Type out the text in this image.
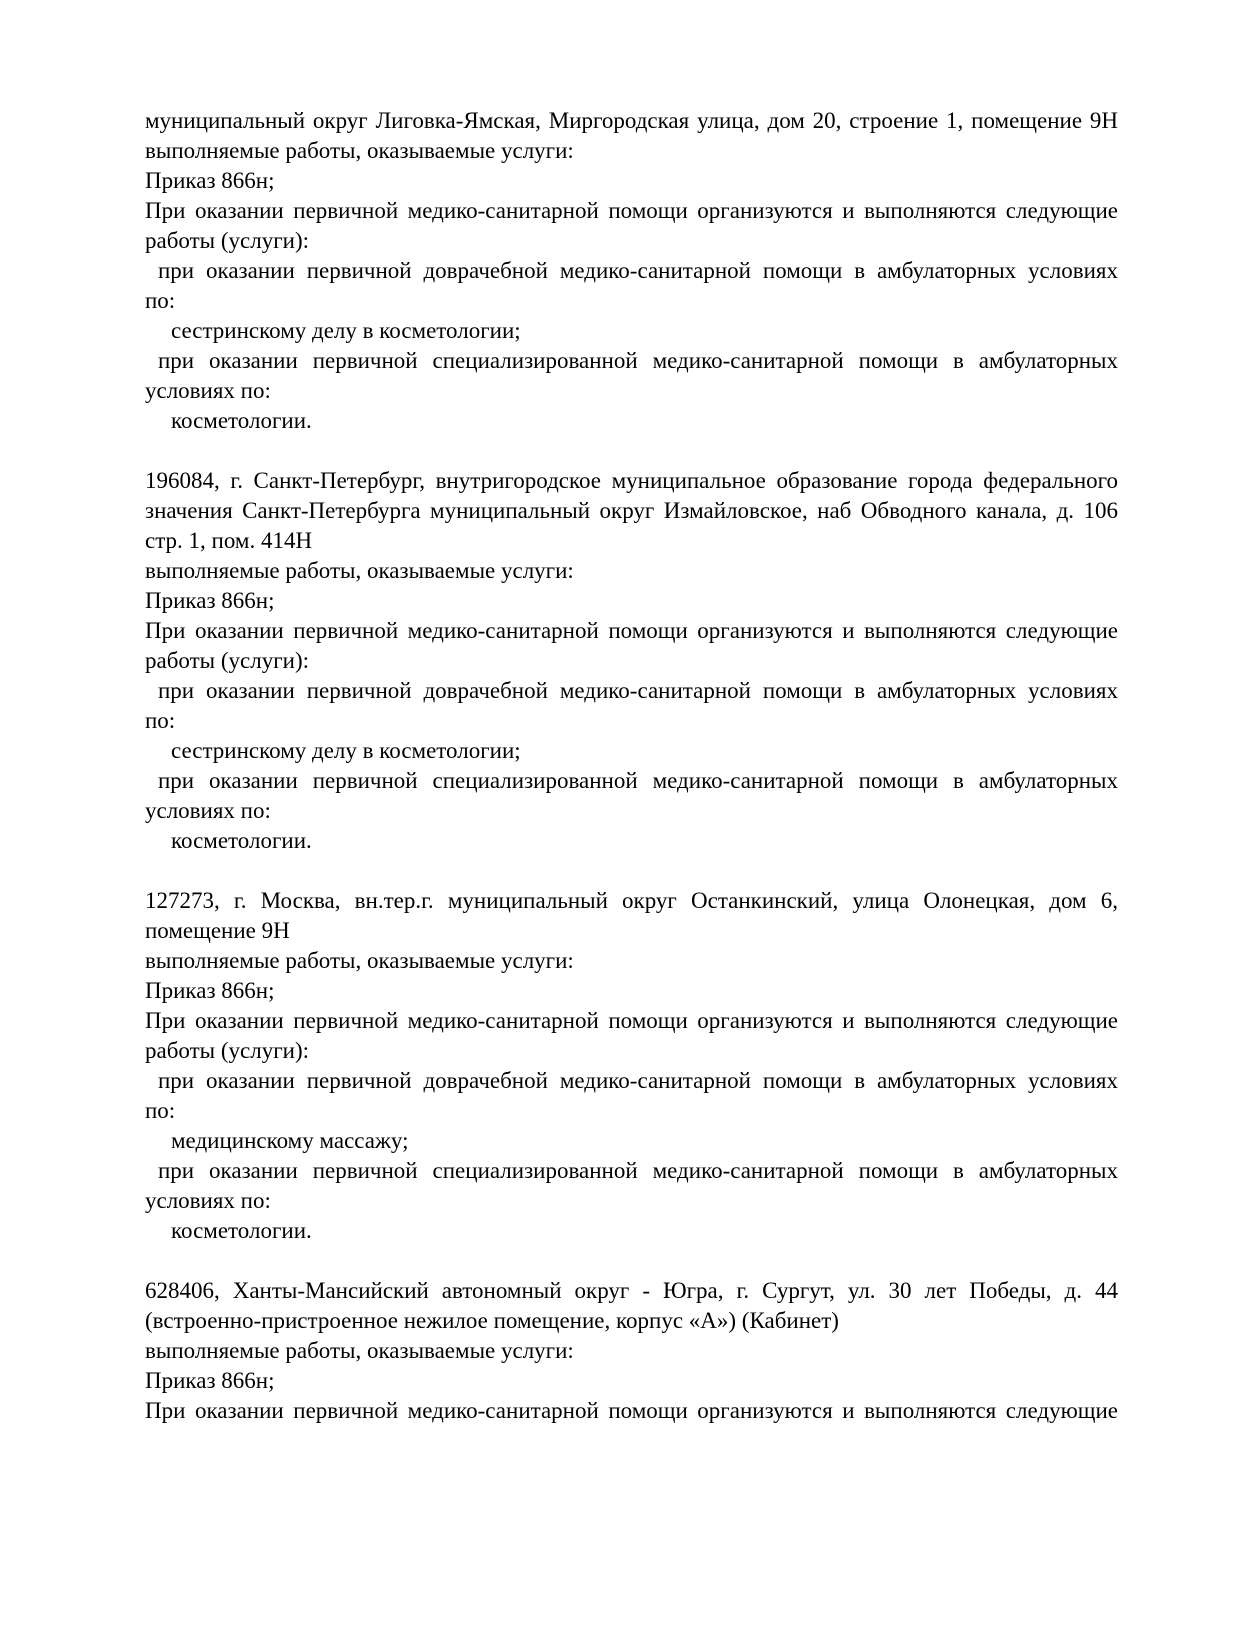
муниципальный округ Лиговка-Ямская, Миргородская улица, дом 20, строение 1, помещение 9Н
выполняемые работы, оказываемые услуги:
Приказ 866н;
При оказании первичной медико-санитарной помощи организуются и выполняются следующие
работы (услуги):
при оказании первичной доврачебной медико-санитарной помощи в амбулаторных условиях
по:
сестринскому делу в косметологии;
при оказании первичной специализированной медико-санитарной помощи в амбулаторных
условиях по:
косметологии.
196084, г. Санкт-Петербург, внутригородское муниципальное образование города федерального
значения Санкт-Петербурга муниципальный округ Измайловское, наб Обводного канала, д. 106
стр. 1, пом. 414Н
выполняемые работы, оказываемые услуги:
Приказ 866н;
При оказании первичной медико-санитарной помощи организуются и выполняются следующие
работы (услуги):
при оказании первичной доврачебной медико-санитарной помощи в амбулаторных условиях
по:
сестринскому делу в косметологии;
при оказании первичной специализированной медико-санитарной помощи в амбулаторных
условиях по:
косметологии.
127273, г. Москва, вн.тер.г. муниципальный округ Останкинский, улица Олонецкая, дом 6,
помещение 9Н
выполняемые работы, оказываемые услуги:
Приказ 866н;
При оказании первичной медико-санитарной помощи организуются и выполняются следующие
работы (услуги):
при оказании первичной доврачебной медико-санитарной помощи в амбулаторных условиях
по:
медицинскому массажу;
при оказании первичной специализированной медико-санитарной помощи в амбулаторных
условиях по:
косметологии.
628406, Ханты-Мансийский автономный округ - Югра, г. Сургут, ул. 30 лет Победы, д. 44
(встроенно-пристроенное нежилое помещение, корпус «А») (Кабинет)
выполняемые работы, оказываемые услуги:
Приказ 866н;
При оказании первичной медико-санитарной помощи организуются и выполняются следующие
